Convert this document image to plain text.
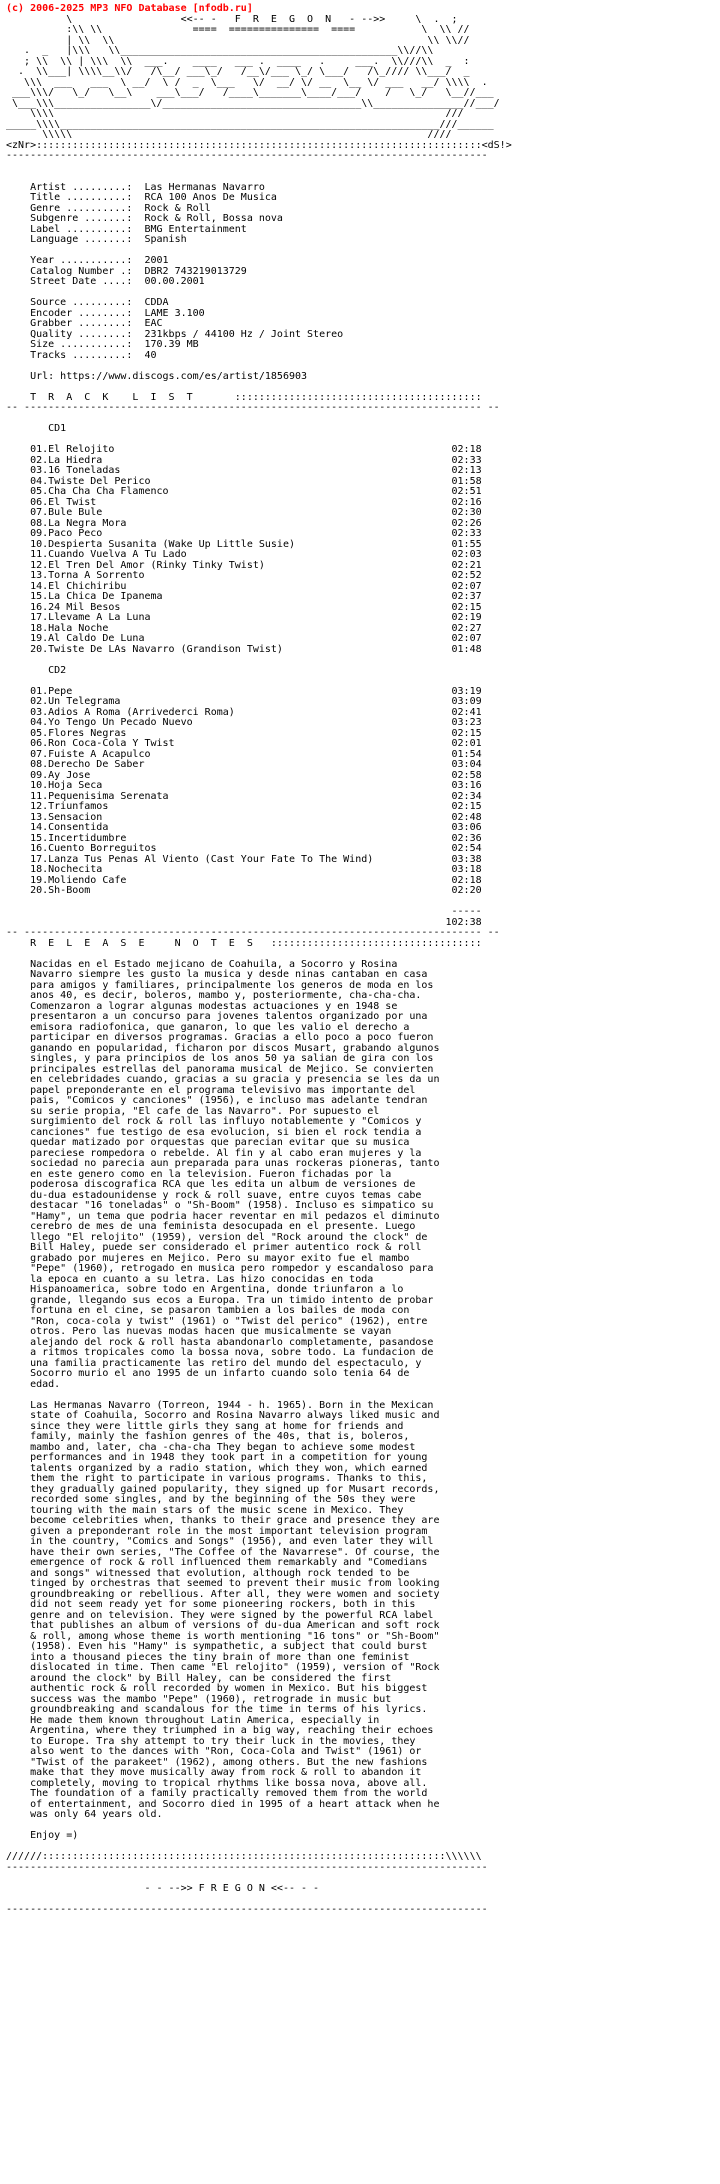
(c) 2006-2025 MP3 NFO Database [nfodb.ru]
\                  <<-- -   F  R  E  G  O  N   - -->>     \  .  ;
:\\ \\               ====  ===============  ====           \  \\ //
| \\  \\                                                    \\ \\//
.  _   |\\\   \\______________________________________________\\//\\
; \\  \\ | \\\  \\  ___.    ____   ___ .  ____   .     ___.  \\///\\  _  :
.  \\___| \\\\__\\/   /\__/ ___\_/   /__\/___ \_/ \___/   /\_//// \\___/  _
\\\  ___   ___  \ __/  \ /  _  \___   \/  __/ \/ __  \__ \/ ___   __/ \\\\  .
___\\\/   \_/   \__\    ___\___/   /____\_______\____/___/    /   \_/   \__//___
\___\\\________________\/_________________________________\\_______________//___/
\\\\                                                                 ///
_____\\\\_______________________________________________________________///______
\\\\\                                                           ////
<zNr>::::::::::::::::::::::::::::::::::::::::::::::::::::::::::::::::::::::::::<dS!>
--------------------------------------------------------------------------------

Artist .........:  Las Hermanas Navarro
Title ..........:  RCA 100 Anos De Musica
Genre ..........:  Rock & Roll
Subgenre .......:  Rock & Roll, Bossa nova
Label ..........:  BMG Entertainment
Language .......:  Spanish

Year ...........:  2001
Catalog Number .:  DBR2 743219013729
Street Date ....:  00.00.2001

Source .........:  CDDA
Encoder ........:  LAME 3.100
Grabber ........:  EAC
Quality ........:  231kbps / 44100 Hz / Joint Stereo
Size ...........:  170.39 MB
Tracks .........:  40

Url: https://www.discogs.com/es/artist/1856903

T  R  A  C  K    L  I  S  T       :::::::::::::::::::::::::::::::::::::::::
-- ---------------------------------------------------------------------------- --

CD1

01.El Relojito                                                        02:18
02.La Hiedra                                                          02:33
03.16 Toneladas                                                       02:13
04.Twiste Del Perico                                                  01:58
05.Cha Cha Cha Flamenco                                               02:51
06.El Twist                                                           02:16
07.Bule Bule                                                          02:30
08.La Negra Mora                                                      02:26
09.Paco Peco                                                          02:33
10.Despierta Susanita (Wake Up Little Susie)                          01:55
11.Cuando Vuelva A Tu Lado                                            02:03
12.El Tren Del Amor (Rinky Tinky Twist)                               02:21
13.Torna A Sorrento                                                   02:52
14.El Chichiribu                                                      02:07
15.La Chica De Ipanema                                                02:37
16.24 Mil Besos                                                       02:15
17.Llevame A La Luna                                                  02:19
18.Hala Noche                                                         02:27
19.Al Caldo De Luna                                                   02:07
20.Twiste De LAs Navarro (Grandison Twist)                            01:48

CD2

01.Pepe                                                               03:19
02.Un Telegrama                                                       03:09
03.Adios A Roma (Arrivederci Roma)                                    02:41
04.Yo Tengo Un Pecado Nuevo                                           03:23
05.Flores Negras                                                      02:15
06.Ron Coca-Cola Y Twist                                              02:01
07.Fuiste A Acapulco                                                  01:54
08.Derecho De Saber                                                   03:04
09.Ay Jose                                                            02:58
10.Hoja Seca                                                          03:16
11.Pequenisima Serenata                                               02:34
12.Triunfamos                                                         02:15
13.Sensacion                                                          02:48
14.Consentida                                                         03:06
15.Incertidumbre                                                      02:36
16.Cuento Borreguitos                                                 02:54
17.Lanza Tus Penas Al Viento (Cast Your Fate To The Wind)             03:38
18.Nochecita                                                          03:18
19.Moliendo Cafe                                                      02:18
20.Sh-Boom                                                            02:20

-----
102:38
-- ---------------------------------------------------------------------------- --
R  E  L  E  A  S  E     N  O  T  E  S   :::::::::::::::::::::::::::::::::::

Nacidas en el Estado mejicano de Coahuila, a Socorro y Rosina
Navarro siempre les gusto la musica y desde ninas cantaban en casa
para amigos y familiares, principalmente los generos de moda en los
anos 40, es decir, boleros, mambo y, posteriormente, cha-cha-cha.
Comenzaron a lograr algunas modestas actuaciones y en 1948 se
presentaron a un concurso para jovenes talentos organizado por una
emisora radiofonica, que ganaron, lo que les valio el derecho a
participar en diversos programas. Gracias a ello poco a poco fueron
ganando en popularidad, ficharon por discos Musart, grabando algunos
singles, y para principios de los anos 50 ya salian de gira con los
principales estrellas del panorama musical de Mejico. Se convierten
en celebridades cuando, gracias a su gracia y presencia se les da un
papel preponderante en el programa televisivo mas importante del
pais, "Comicos y canciones" (1956), e incluso mas adelante tendran
su serie propia, "El cafe de las Navarro". Por supuesto el
surgimiento del rock & roll las influyo notablemente y "Comicos y
canciones" fue testigo de esa evolucion, si bien el rock tendia a
quedar matizado por orquestas que parecian evitar que su musica
pareciese rompedora o rebelde. Al fin y al cabo eran mujeres y la
sociedad no parecia aun preparada para unas rockeras pioneras, tanto
en este genero como en la television. Fueron fichadas por la
poderosa discografica RCA que les edita un album de versiones de
du-dua estadounidense y rock & roll suave, entre cuyos temas cabe
destacar "16 toneladas" o "Sh-Boom" (1958). Incluso es simpatico su
"Hamy", un tema que podria hacer reventar en mil pedazos el diminuto
cerebro de mes de una feminista desocupada en el presente. Luego
llego "El relojito" (1959), version del "Rock around the clock" de
Bill Haley, puede ser considerado el primer autentico rock & roll
grabado por mujeres en Mejico. Pero su mayor exito fue el mambo
"Pepe" (1960), retrogado en musica pero rompedor y escandaloso para
la epoca en cuanto a su letra. Las hizo conocidas en toda
Hispanoamerica, sobre todo en Argentina, donde triunfaron a lo
grande, llegando sus ecos a Europa. Tra un timido intento de probar
fortuna en el cine, se pasaron tambien a los bailes de moda con
"Ron, coca-cola y twist" (1961) o "Twist del perico" (1962), entre
otros. Pero las nuevas modas hacen que musicalmente se vayan
alejando del rock & roll hasta abandonarlo completamente, pasandose
a ritmos tropicales como la bossa nova, sobre todo. La fundacion de
una familia practicamente las retiro del mundo del espectaculo, y
Socorro murio el ano 1995 de un infarto cuando solo tenia 64 de
edad.

Las Hermanas Navarro (Torreon, 1944 - h. 1965). Born in the Mexican
state of Coahuila, Socorro and Rosina Navarro always liked music and
since they were little girls they sang at home for friends and
family, mainly the fashion genres of the 40s, that is, boleros,
mambo and, later, cha -cha-cha They began to achieve some modest
performances and in 1948 they took part in a competition for young
talents organized by a radio station, which they won, which earned
them the right to participate in various programs. Thanks to this,
they gradually gained popularity, they signed up for Musart records,
recorded some singles, and by the beginning of the 50s they were
touring with the main stars of the music scene in Mexico. They
become celebrities when, thanks to their grace and presence they are
given a preponderant role in the most important television program
in the country, "Comics and Songs" (1956), and even later they will
have their own series, "The Coffee of the Navarrese". Of course, the
emergence of rock & roll influenced them remarkably and "Comedians
and songs" witnessed that evolution, although rock tended to be
tinged by orchestras that seemed to prevent their music from looking
groundbreaking or rebellious. After all, they were women and society
did not seem ready yet for some pioneering rockers, both in this
genre and on television. They were signed by the powerful RCA label
that publishes an album of versions of du-dua American and soft rock
& roll, among whose theme is worth mentioning "16 tons" or "Sh-Boom"
(1958). Even his "Hamy" is sympathetic, a subject that could burst
into a thousand pieces the tiny brain of more than one feminist
dislocated in time. Then came "El relojito" (1959), version of "Rock
around the clock" by Bill Haley, can be considered the first
authentic rock & roll recorded by women in Mexico. But his biggest
success was the mambo "Pepe" (1960), retrograde in music but
groundbreaking and scandalous for the time in terms of his lyrics.
He made them known throughout Latin America, especially in
Argentina, where they triumphed in a big way, reaching their echoes
to Europe. Tra shy attempt to try their luck in the movies, they
also went to the dances with "Ron, Coca-Cola and Twist" (1961) or
"Twist of the parakeet" (1962), among others. But the new fashions
make that they move musically away from rock & roll to abandon it
completely, moving to tropical rhythms like bossa nova, above all.
The foundation of a family practically removed them from the world
of entertainment, and Socorro died in 1995 of a heart attack when he
was only 64 years old.

Enjoy =)

//////:::::::::::::::::::::::::::::::::::::::::::::::::::::::::::::::::::\\\\\\
--------------------------------------------------------------------------------

- - -->> F R E G O N <<-- - -

--------------------------------------------------------------------------------
